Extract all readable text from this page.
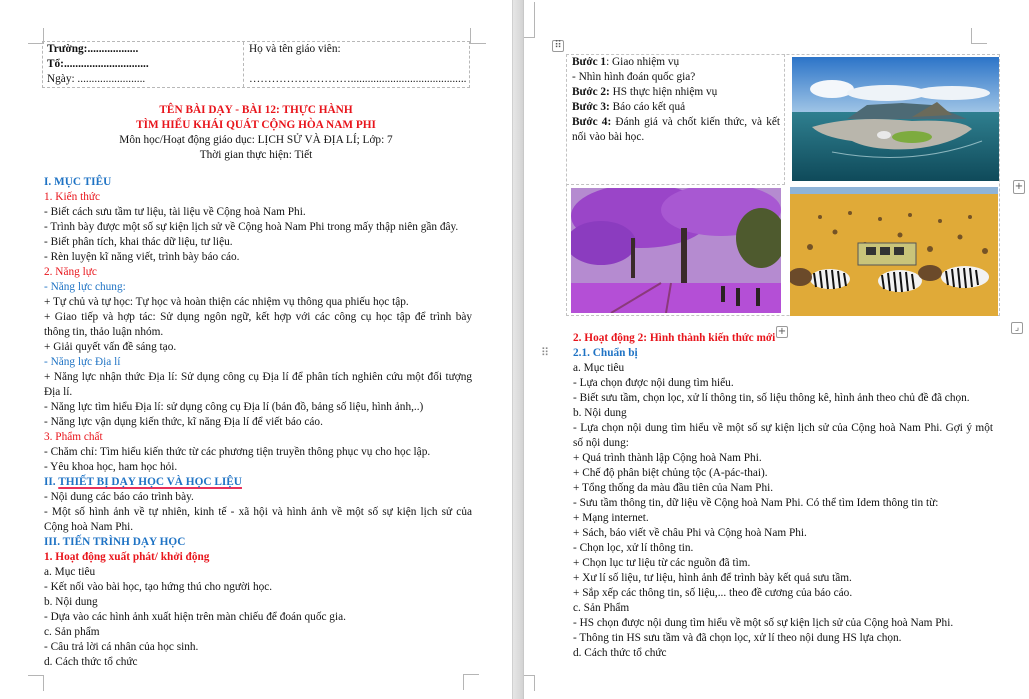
Trường:..................
Tổ:..............................
Ngày: ........................
Họ và tên giáo viên:
……………………….........................................
TÊN BÀI DẠY - BÀI 12: THỰC HÀNH
TÌM HIỂU KHÁI QUÁT CỘNG HÒA NAM PHI
Môn học/Hoạt động giáo dục: LỊCH SỬ VÀ ĐỊA LÍ; Lớp: 7
Thời gian thực hiện: Tiết
I. MỤC TIÊU
1. Kiến thức
- Biết cách sưu tầm tư liệu, tài liệu về Cộng hoà Nam Phi.
- Trình bày được một số sự kiện lịch sử về Cộng hoà Nam Phi trong mấy thập niên gần đây.
- Biết phân tích, khai thác dữ liệu, tư liệu.
- Rèn luyện kĩ năng viết, trình bày báo cáo.
2. Năng lực
- Năng lực chung:
+ Tự chủ và tự học: Tự học và hoàn thiện các nhiệm vụ thông qua phiếu học tập.
+ Giao tiếp và hợp tác: Sử dụng ngôn ngữ, kết hợp với các công cụ học tập để trình bày
thông tin, thảo luận nhóm.
+ Giải quyết vấn đề sáng tạo.
- Năng lực Địa lí
+ Năng lực nhận thức Địa lí: Sử dụng công cụ Địa lí để phân tích nghiên cứu một đối tượng
Địa lí.
- Năng lực tìm hiểu Địa lí: sử dụng công cụ Địa lí (bản đồ, bảng số liệu, hình ảnh,..)
- Năng lực vận dụng kiến thức, kĩ năng Địa lí để viết báo cáo.
3. Phẩm chất
- Chăm chỉ: Tìm hiểu kiến thức từ các phương tiện truyền thông phục vụ cho học lập.
- Yêu khoa học, ham học hỏi.
II. THIẾT BỊ DẠY HỌC VÀ HỌC LIỆU
- Nội dung các báo cáo trình bày.
- Một số hình ảnh về tự nhiên, kinh tế - xã hội và hình ảnh về một số sự kiện lịch sử của
Cộng hoà Nam Phi.
III. TIẾN TRÌNH DẠY HỌC
1. Hoạt động xuất phát/ khởi động
a. Mục tiêu
- Kết nối vào bài học, tạo hứng thú cho người học.
b. Nội dung
- Dựa vào các hình ảnh xuất hiện trên màn chiếu để đoán quốc gia.
c. Sản phẩm
- Câu trả lời cá nhân của học sinh.
d. Cách thức tổ chức
⠿
Bước 1: Giao nhiệm vụ
- Nhìn hình đoán quốc gia?
Bước 2: HS thực hiện nhiệm vụ
Bước 3: Báo cáo kết quả
Bước 4: Đánh giá và chốt kiến thức, và kết
nối vào bài học.
+
+	⌟
⠿
2. Hoạt động 2: Hình thành kiến thức mới
2.1. Chuẩn bị
a. Mục tiêu
- Lựa chọn được nội dung tìm hiểu.
- Biết sưu tầm, chọn lọc, xử lí thông tin, số liệu thông kê, hình ảnh theo chủ đề đã chọn.
b. Nội dung
- Lựa chọn nội dung tìm hiểu về một số sự kiện lịch sử của Cộng hoà Nam Phi. Gợi ý một
số nội dung:
+ Quá trình thành lập Cộng hoà Nam Phi.
+ Chế độ phân biệt chủng tộc (A-pác-thai).
+ Tổng thống da màu đầu tiên của Nam Phi.
- Sưu tầm thông tin, dữ liệu về Cộng hoà Nam Phi. Có thể tìm Idem thông tin từ:
+ Mạng internet.
+ Sách, báo viết về châu Phi và Cộng hoà Nam Phi.
- Chọn lọc, xử lí thông tin.
+ Chọn lục tư liệu từ các nguồn đã tìm.
+ Xư lí số liệu, tư liệu, hình ảnh để trình bày kết quả sưu tầm.
+ Sắp xếp các thông tin, số liệu,... theo đề cương của báo cáo.
c. Sản Phẩm
- HS chọn được nội dung tìm hiểu về một số sự kiện lịch sử của Cộng hoà Nam Phi.
- Thông tin HS sưu tầm và đã chọn lọc, xử lí theo nội dung HS lựa chọn.
d. Cách thức tổ chức
